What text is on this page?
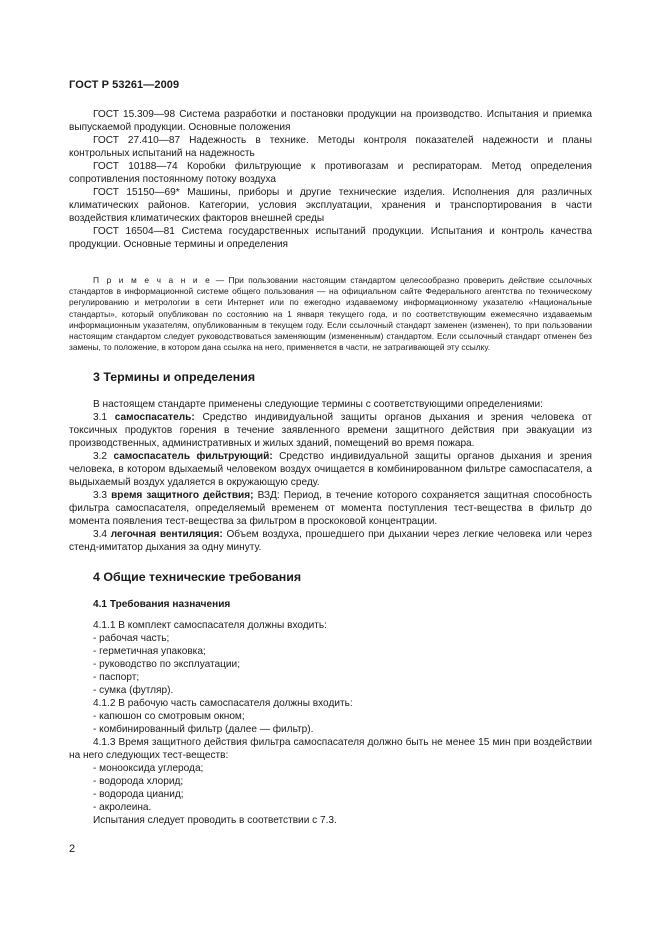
ГОСТ Р 53261—2009

ГОСТ 15.309—98 Система разработки и постановки продукции на производство. Испытания и приемка выпускаемой продукции. Основные положения

ГОСТ 27.410—87 Надежность в технике. Методы контроля показателей надежности и планы контрольных испытаний на надежность

ГОСТ 10188—74 Коробки фильтрующие к противогазам и респираторам. Метод определения сопротивления постоянному потоку воздуха

ГОСТ 15150—69* Машины, приборы и другие технические изделия. Исполнения для различных климатических районов. Категории, условия эксплуатации, хранения и транспортирования в части воздействия климатических факторов внешней среды

ГОСТ 16504—81 Система государственных испытаний продукции. Испытания и контроль качества продукции. Основные термины и определения

П р и м е ч а н и е — При пользовании настоящим стандартом целесообразно проверить действие ссылочных стандартов в информационной системе общего пользования — на официальном сайте Федерального агентства по техническому регулированию и метрологии в сети Интернет или по ежегодно издаваемому информационному указателю «Национальные стандарты», который опубликован по состоянию на 1 января текущего года, и по соответствующим ежемесячно издаваемым информационным указателям, опубликованным в текущем году. Если ссылочный стандарт заменен (изменен), то при пользовании настоящим стандартом следует руководствоваться заменяющим (измененным) стандартом. Если ссылочный стандарт отменен без замены, то положение, в котором дана ссылка на него, применяется в части, не затрагивающей эту ссылку.

3 Термины и определения

В настоящем стандарте применены следующие термины с соответствующими определениями:

3.1 самоспасатель: Средство индивидуальной защиты органов дыхания и зрения человека от токсичных продуктов горения в течение заявленного времени защитного действия при эвакуации из производственных, административных и жилых зданий, помещений во время пожара.

3.2 самоспасатель фильтрующий: Средство индивидуальной защиты органов дыхания и зрения человека, в котором вдыхаемый человеком воздух очищается в комбинированном фильтре самоспасателя, а выдыхаемый воздух удаляется в окружающую среду.

3.3 время защитного действия; ВЗД: Период, в течение которого сохраняется защитная способность фильтра самоспасателя, определяемый временем от момента поступления тест-вещества в фильтр до момента появления тест-вещества за фильтром в проскоковой концентрации.

3.4 легочная вентиляция: Объем воздуха, прошедшего при дыхании через легкие человека или через стенд-имитатор дыхания за одну минуту.

4 Общие технические требования
4.1 Требования назначения

4.1.1 В комплект самоспасателя должны входить:

- рабочая часть;

- герметичная упаковка;

- руководство по эксплуатации;

- паспорт;

- сумка (футляр).

4.1.2 В рабочую часть самоспасателя должны входить:

- капюшон со смотровым окном;

- комбинированный фильтр (далее — фильтр).

4.1.3 Время защитного действия фильтра самоспасателя должно быть не менее 15 мин при воздействии на него следующих тест-веществ:

- монооксида углерода;

- водорода хлорид;

- водорода цианид;

- акролеина.

Испытания следует проводить в соответствии с 7.3.

2
